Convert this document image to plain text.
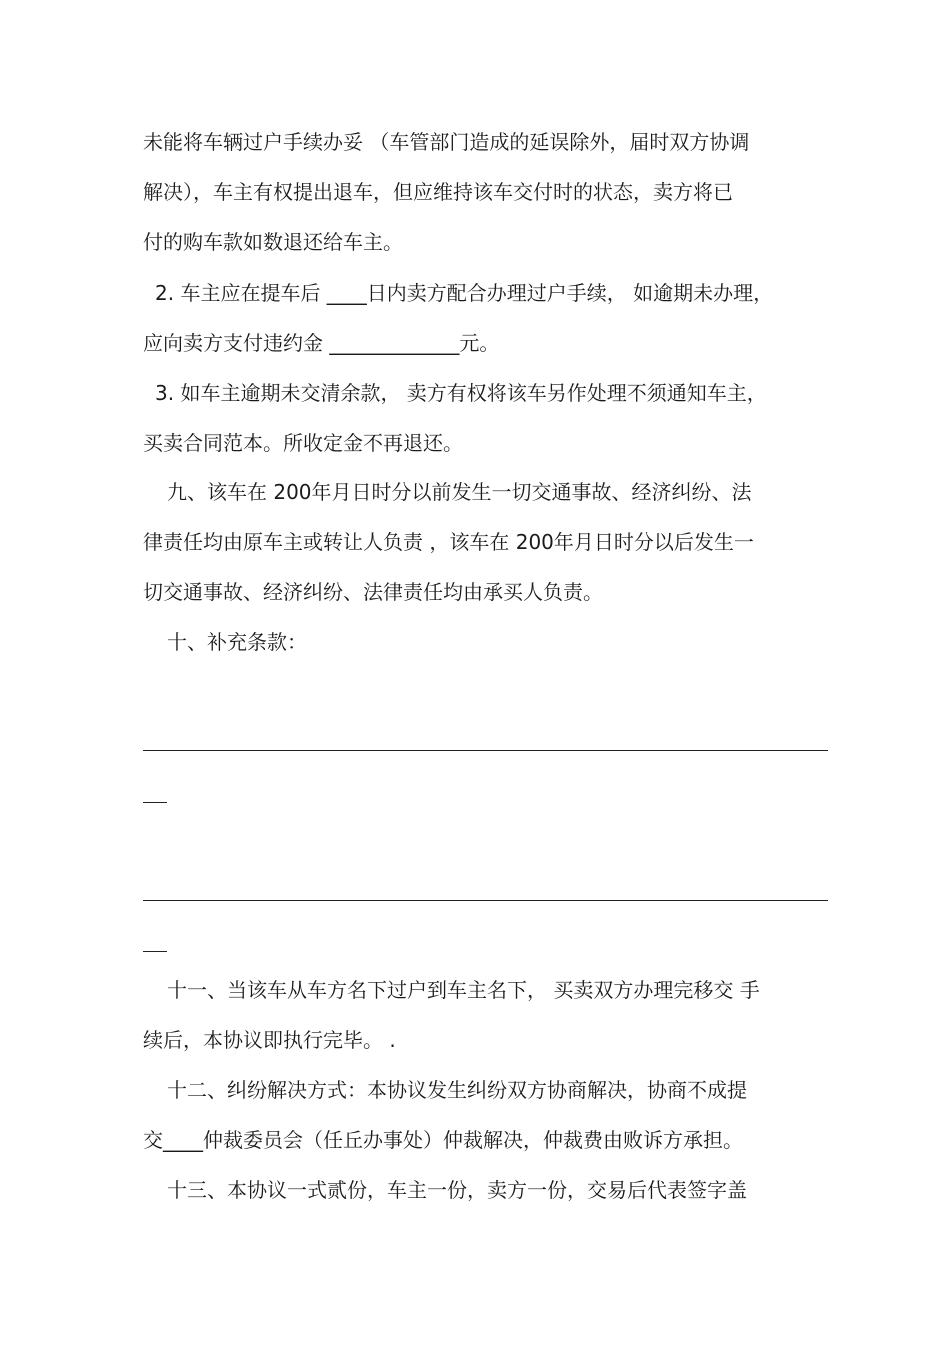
未能将车辆过户手续办妥 （车管部门造成的延误除外，届时双方协调
解决），车主有权提出退车，但应维持该车交付时的状态，卖方将已
付的购车款如数退还给车主。
2. 车主应在提车后 ____日内卖方配合办理过户手续， 如逾期未办理，
应向卖方支付违约金 _____________元。
3. 如车主逾期未交清余款， 卖方有权将该车另作处理不须通知车主，
买卖合同范本。所收定金不再退还。
九、该车在 200年月日时分以前发生一切交通事故、经济纠纷、法
律责任均由原车主或转让人负责 ，该车在 200年月日时分以后发生一
切交通事故、经济纠纷、法律责任均由承买人负责。
十、补充条款：
十一、当该车从车方名下过户到车主名下， 买卖双方办理完移交 手
续后，本协议即执行完毕。 .
十二、纠纷解决方式：本协议发生纠纷双方协商解决，协商不成提
交____仲裁委员会（任丘办事处）仲裁解决，仲裁费由败诉方承担。
十三、本协议一式贰份，车主一份，卖方一份，交易后代表签字盖
